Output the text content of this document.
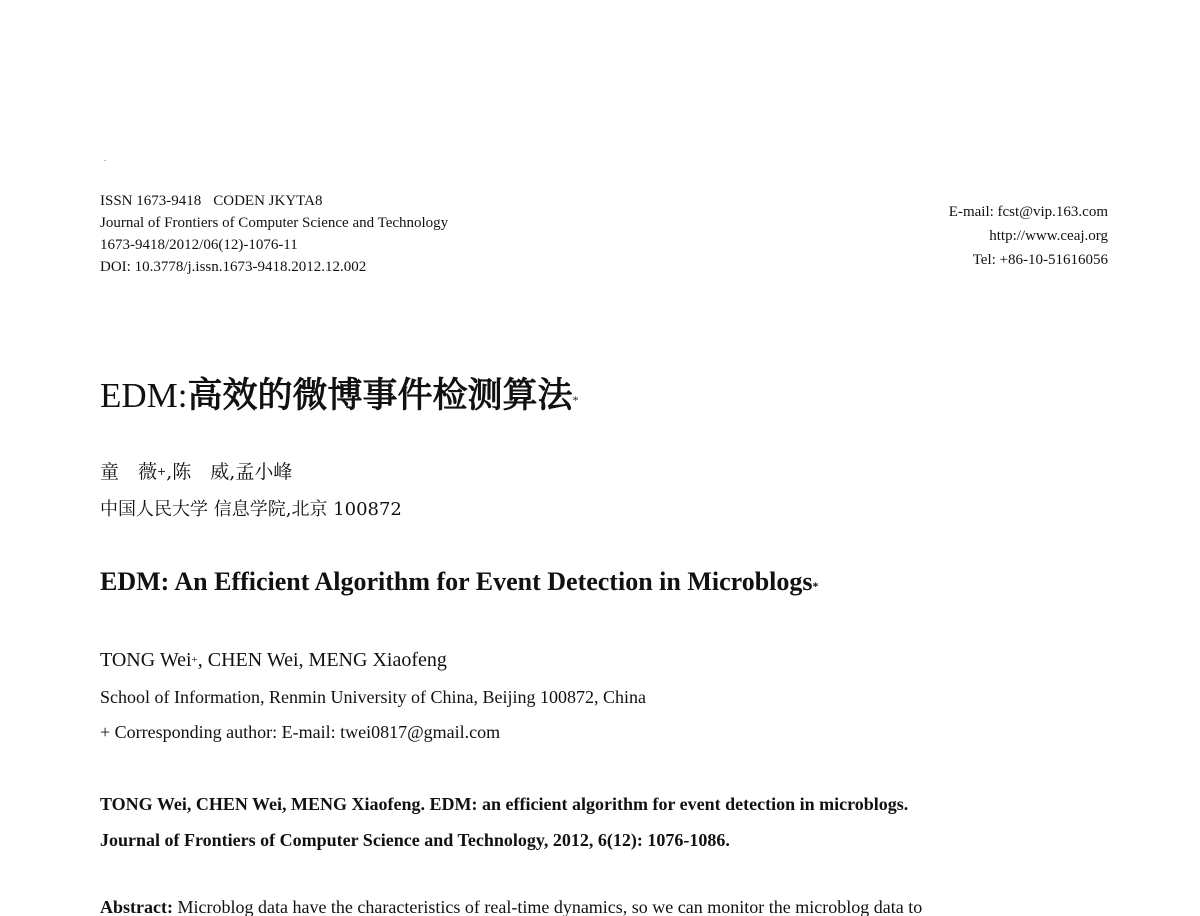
ISSN 1673-9418 CODEN JKYTA8
Journal of Frontiers of Computer Science and Technology
1673-9418/2012/06(12)-1076-11
DOI: 10.3778/j.issn.1673-9418.2012.12.002
E-mail: fcst@vip.163.com
http://www.ceaj.org
Tel: +86-10-51616056
EDM:高效的微博事件检测算法*
童　薇+,陈　威,孟小峰
中国人民大学 信息学院,北京 100872
EDM: An Efficient Algorithm for Event Detection in Microblogs*
TONG Wei+, CHEN Wei, MENG Xiaofeng
School of Information, Renmin University of China, Beijing 100872, China
+ Corresponding author: E-mail: twei0817@gmail.com
TONG Wei, CHEN Wei, MENG Xiaofeng. EDM: an efficient algorithm for event detection in microblogs.
Journal of Frontiers of Computer Science and Technology, 2012, 6(12): 1076-1086.
Abstract: Microblog data have the characteristics of real-time dynamics, so we can monitor the microblog data to
